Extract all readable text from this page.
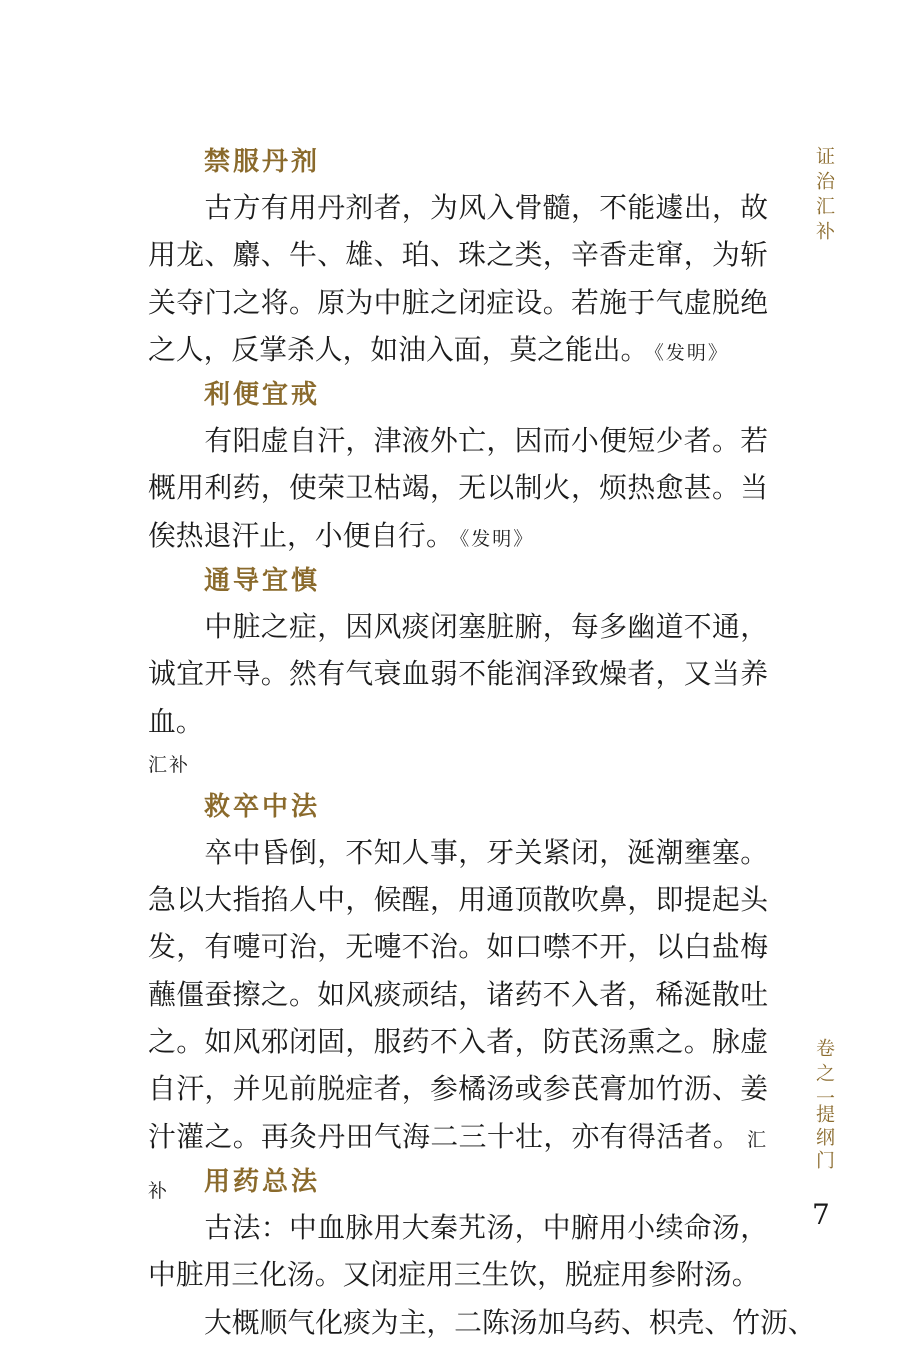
禁服丹剂

古方有用丹剂者，为风入骨髓，不能遽出，故用龙、麝、牛、雄、珀、珠之类，辛香走窜，为斩关夺门之将。原为中脏之闭症设。若施于气虚脱绝之人，反掌杀人，如油入面，莫之能出。 《发明》

利便宜戒

有阳虚自汗，津液外亡，因而小便短少者。若概用利药，使荣卫枯竭，无以制火，烦热愈甚。当俟热退汗止，小便自行。 《发明》

通导宜慎

中脏之症，因风痰闭塞脏腑，每多幽道不通，诚宜开导。然有气衰血弱不能润泽致燥者，又当养血。

汇补
救卒中法

卒中昏倒，不知人事，牙关紧闭，涎潮壅塞。急以大指掐人中，候醒，用通顶散吹鼻，即提起头发，有嚏可治，无嚏不治。如口噤不开，以白盐梅蘸僵蚕擦之。如风痰顽结，诸药不入者，稀涎散吐之。如风邪闭固，服药不入者，防芪汤熏之。脉虚自汗，并见前脱症者，参橘汤或参芪膏加竹沥、姜汁灌之。再灸丹田气海二三十壮，亦有得活者。 汇补	用药总法

古法：中血脉用大秦艽汤，中腑用小续命汤，中脏用三化汤。又闭症用三生饮，脱症用参附汤。

大概顺气化痰为主，二陈汤加乌药、枳壳、竹沥、

证治汇补
卷之一
提纲门
7
